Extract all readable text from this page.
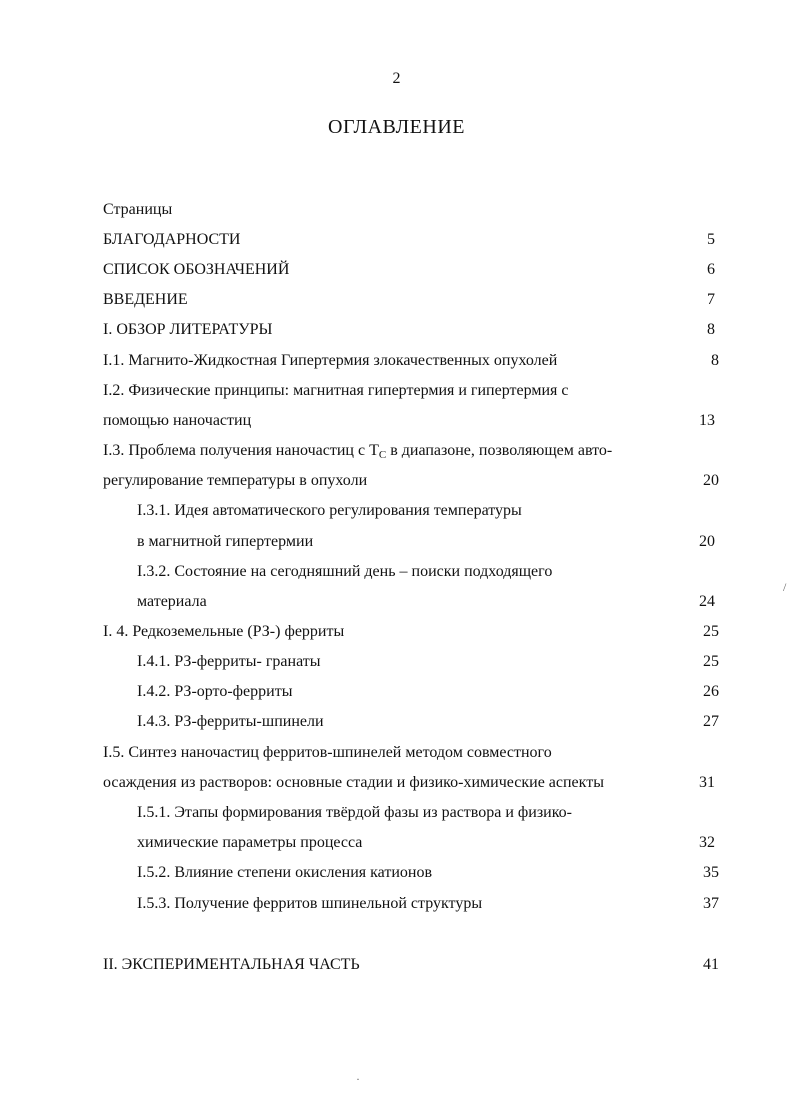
2
ОГЛАВЛЕНИЕ
Страницы
БЛАГОДАРНОСТИ	5
СПИСОК ОБОЗНАЧЕНИЙ	6
ВВЕДЕНИЕ	7
I. ОБЗОР ЛИТЕРАТУРЫ	8
I.1. Магнито-Жидкостная Гипертермия злокачественных опухолей	8
I.2. Физические принципы: магнитная гипертермия и гипертермия с
помощью наночастиц	13
I.3. Проблема получения наночастиц с $T_C$ в диапазоне, позволяющем авто-
регулирование температуры в опухоли	20
I.3.1. Идея автоматического регулирования температуры
в магнитной гипертермии	20
I.3.2. Состояние на сегодняшний день – поиски подходящего
материала	24
I. 4. Редкоземельные (РЗ-) ферриты	25
I.4.1. РЗ-ферриты- гранаты	25
I.4.2. РЗ-орто-ферриты	26
I.4.3. РЗ-ферриты-шпинели	27
I.5. Синтез наночастиц ферритов-шпинелей методом совместного
осаждения из растворов: основные стадии и физико-химические аспекты	31
I.5.1. Этапы формирования твёрдой фазы из раствора и физико-
химические параметры процесса	32
I.5.2. Влияние степени окисления катионов	35
I.5.3. Получение ферритов шпинельной структуры	37
II. ЭКСПЕРИМЕНТАЛЬНАЯ ЧАСТЬ	41
/
·
